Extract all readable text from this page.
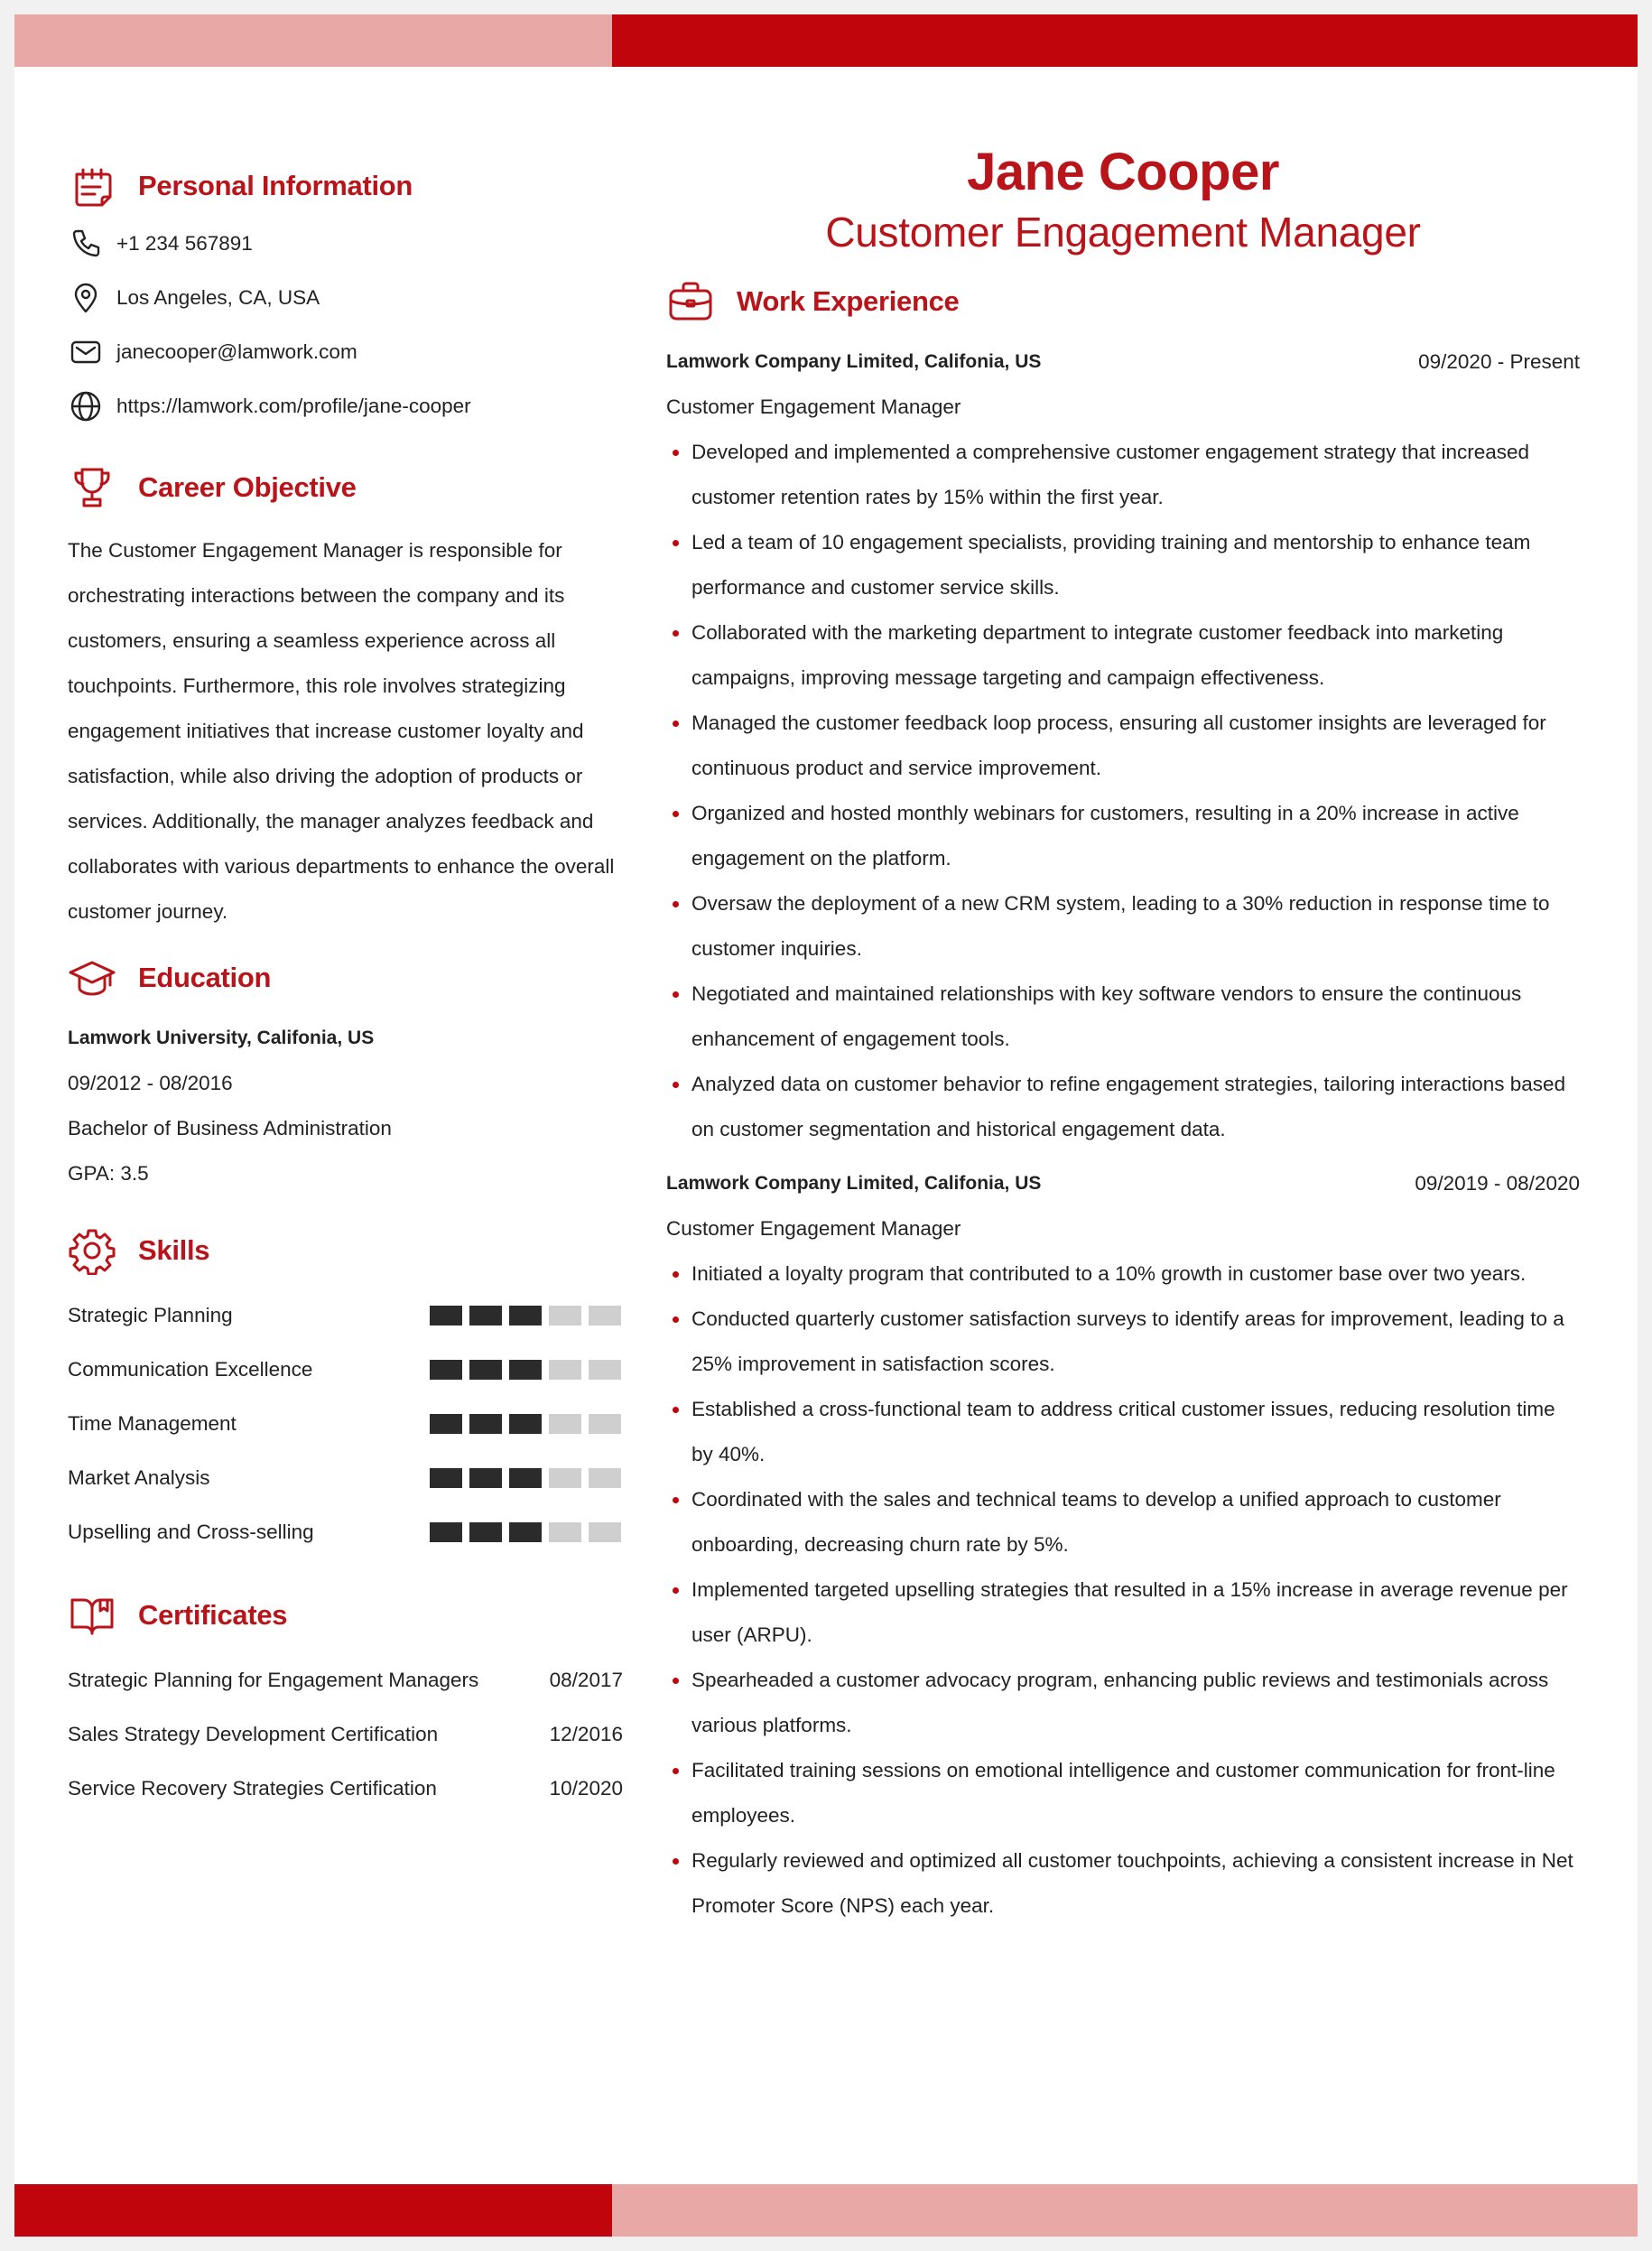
Personal Information
+1 234 567891
Los Angeles, CA, USA
janecooper@lamwork.com
https://lamwork.com/profile/jane-cooper
Career Objective

The Customer Engagement Manager is responsible for orchestrating interactions between the company and its customers, ensuring a seamless experience across all touchpoints. Furthermore, this role involves strategizing engagement initiatives that increase customer loyalty and satisfaction, while also driving the adoption of products or services. Additionally, the manager analyzes feedback and collaborates with various departments to enhance the overall customer journey.

Education
Lamwork University, Califonia, US
09/2012 - 08/2016
Bachelor of Business Administration
GPA: 3.5
Skills
Strategic Planning
Communication Excellence
Time Management
Market Analysis
Upselling and Cross-selling
Certificates
Strategic Planning for Engagement Managers	08/2017
Sales Strategy Development Certification	12/2016
Service Recovery Strategies Certification	10/2020
Jane Cooper
Customer Engagement Manager
Work Experience
Lamwork Company Limited, Califonia, US	09/2020 - Present
Customer Engagement Manager
Developed and implemented a comprehensive customer engagement strategy that increased customer retention rates by 15% within the first year.
Led a team of 10 engagement specialists, providing training and mentorship to enhance team performance and customer service skills.
Collaborated with the marketing department to integrate customer feedback into marketing campaigns, improving message targeting and campaign effectiveness.
Managed the customer feedback loop process, ensuring all customer insights are leveraged for continuous product and service improvement.
Organized and hosted monthly webinars for customers, resulting in a 20% increase in active engagement on the platform.
Oversaw the deployment of a new CRM system, leading to a 30% reduction in response time to customer inquiries.
Negotiated and maintained relationships with key software vendors to ensure the continuous enhancement of engagement tools.
Analyzed data on customer behavior to refine engagement strategies, tailoring interactions based on customer segmentation and historical engagement data.
Lamwork Company Limited, Califonia, US	09/2019 - 08/2020
Customer Engagement Manager
Initiated a loyalty program that contributed to a 10% growth in customer base over two years.
Conducted quarterly customer satisfaction surveys to identify areas for improvement, leading to a 25% improvement in satisfaction scores.
Established a cross-functional team to address critical customer issues, reducing resolution time by 40%.
Coordinated with the sales and technical teams to develop a unified approach to customer onboarding, decreasing churn rate by 5%.
Implemented targeted upselling strategies that resulted in a 15% increase in average revenue per user (ARPU).
Spearheaded a customer advocacy program, enhancing public reviews and testimonials across various platforms.
Facilitated training sessions on emotional intelligence and customer communication for front-line employees.
Regularly reviewed and optimized all customer touchpoints, achieving a consistent increase in Net Promoter Score (NPS) each year.
